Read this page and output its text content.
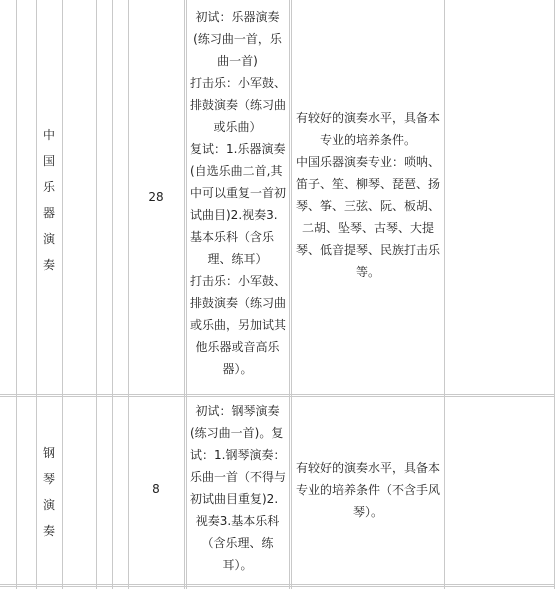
中
国
乐
器
演
奏
28
初试：乐器演奏
(练习曲一首，乐
曲一首)
打击乐：小军鼓、
排鼓演奏（练习曲
或乐曲）
复试：1.乐器演奏
(自选乐曲二首,其
中可以重复一首初
试曲目)2.视奏3.
基本乐科（含乐
理、练耳）
打击乐：小军鼓、
排鼓演奏（练习曲
或乐曲，另加试其
他乐器或音高乐
器）。
有较好的演奏水平，具备本
专业的培养条件。
中国乐器演奏专业：唢呐、
笛子、笙、柳琴、琵琶、扬
琴、筝、三弦、阮、板胡、
二胡、坠琴、古琴、大提
琴、低音提琴、民族打击乐
等。
钢
琴
演
奏
8
初试：钢琴演奏
(练习曲一首)。复
试：1.钢琴演奏：
乐曲一首（不得与
初试曲目重复)2.
视奏3.基本乐科
（含乐理、练
耳）。
有较好的演奏水平，具备本
专业的培养条件（不含手风
琴）。
